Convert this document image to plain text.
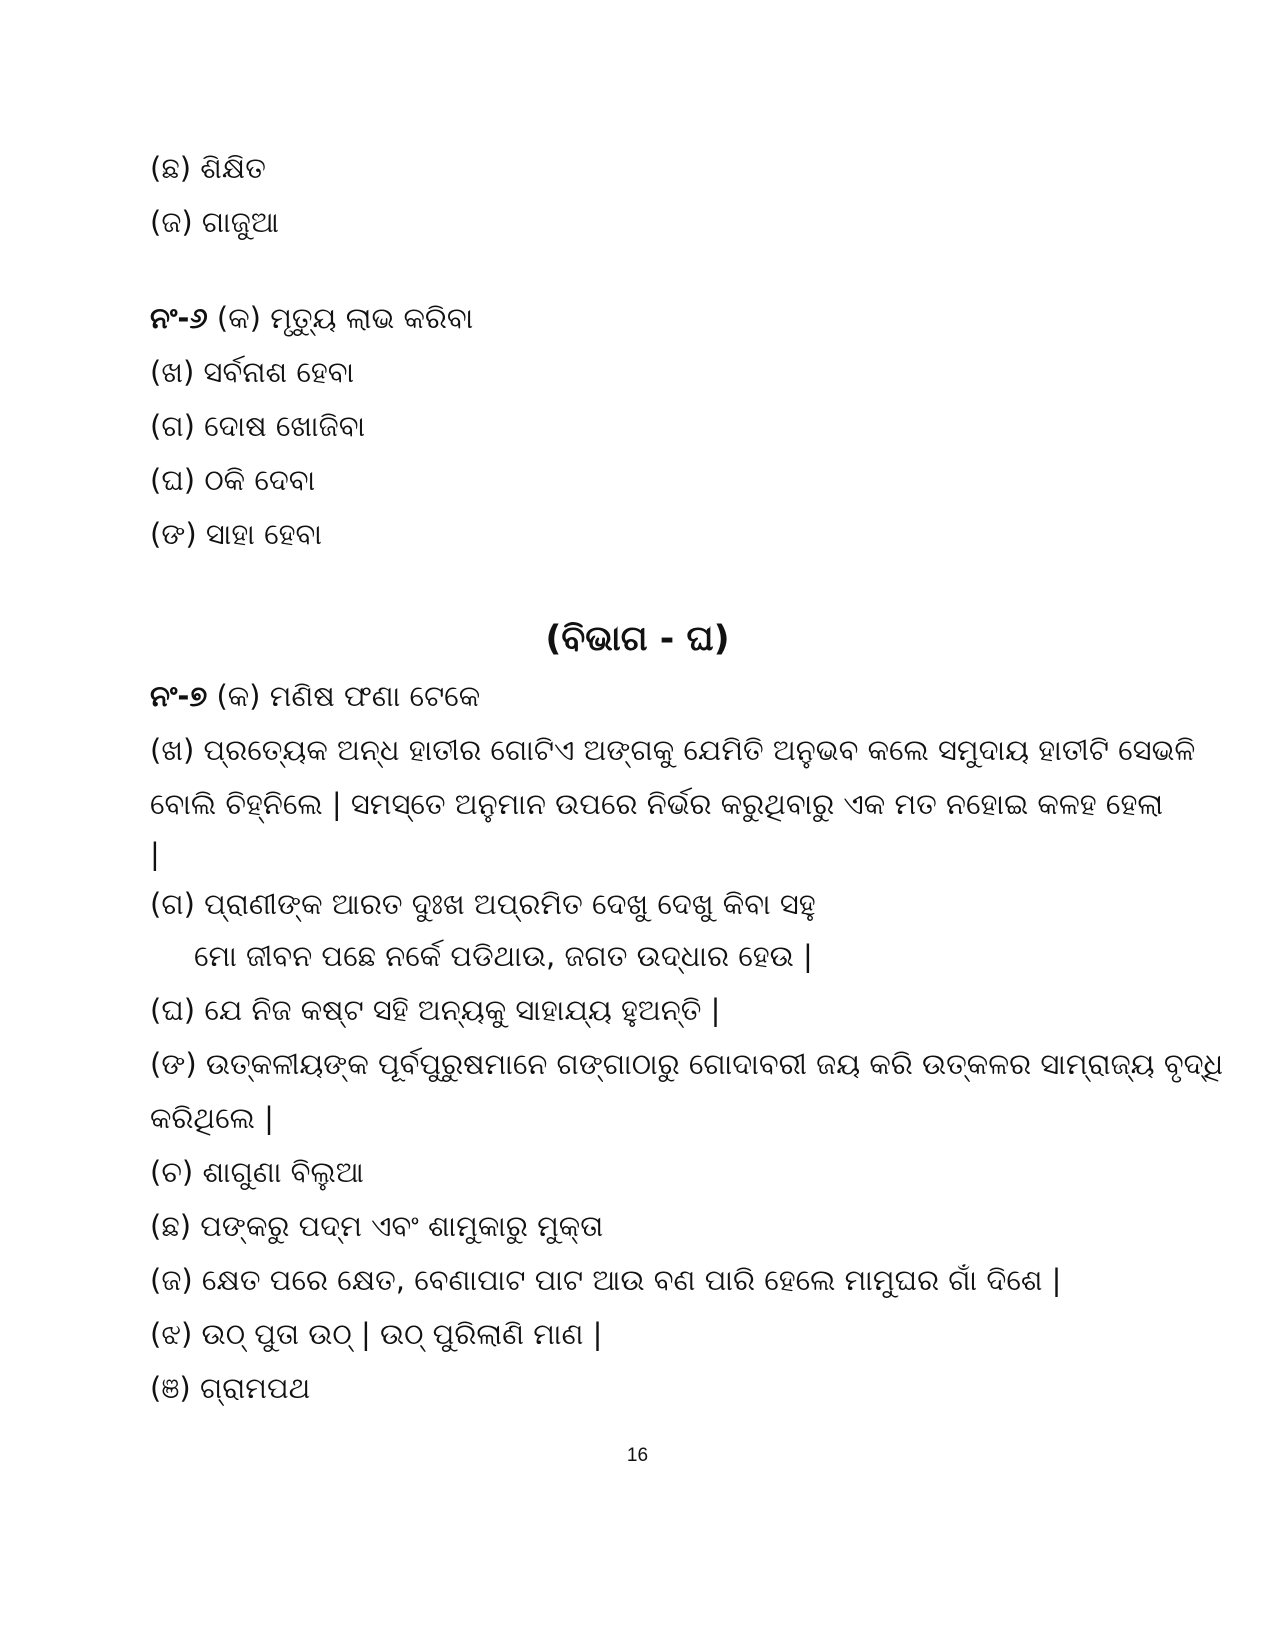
(ଛ) ଶିକ୍ଷିତ

(ଜ) ଗାଜୁଆ

ନଂ-୬ (କ) ମୃତ୍ୟୁ ଲାଭ କରିବା

(ଖ) ସର୍ବନାଶ ହେବା

(ଗ) ଦୋଷ ଖୋଜିବା

(ଘ) ଠକି ଦେବା

(ଙ) ସାହା ହେବା

(ବିଭାଗ - ଘ)

ନଂ-୭ (କ) ମଣିଷ ଫଣା ଟେକେ

(ଖ) ପ୍ରତ୍ୟେକ ଅନ୍ଧ ହାତୀର ଗୋଟିଏ ଅଙ୍ଗକୁ ଯେମିତି ଅନୁଭବ କଲେ ସମୁଦାୟ ହାତୀଟି ସେଭଳି

ବୋଲି ଚିହ୍ନିଲେ | ସମସ୍ତେ ଅନୁମାନ ଉପରେ ନିର୍ଭର କରୁଥିବାରୁ ଏକ ମତ ନହୋଇ କଳହ ହେଲା

|

(ଗ) ପ୍ରାଣୀଙ୍କ ଆରତ ଦୁଃଖ ଅପ୍ରମିତ ଦେଖୁ ଦେଖୁ କିବା ସହୁ

ମୋ ଜୀବନ ପଛେ ନର୍କେ ପଡିଥାଉ, ଜଗତ ଉଦ୍ଧାର ହେଉ |

(ଘ) ଯେ ନିଜ କଷ୍ଟ ସହି ଅନ୍ୟକୁ ସାହାଯ୍ୟ ହୁଅନ୍ତି |

(ଙ) ଉତ୍କଳୀୟଙ୍କ ପୂର୍ବପୁରୁଷମାନେ ଗଙ୍ଗାଠାରୁ ଗୋଦାବରୀ ଜୟ କରି ଉତ୍କଳର ସାମ୍ରାଜ୍ୟ ବୃଦ୍ଧି

କରିଥିଲେ |

(ଚ) ଶାଗୁଣା ବିଲୁଆ

(ଛ) ପଙ୍କରୁ ପଦ୍ମ ଏବଂ ଶାମୁକାରୁ ମୁକ୍ତା

(ଜ) କ୍ଷେତ ପରେ କ୍ଷେତ, ବେଣାପାଟ ପାଟ ଆଉ ବଣ ପାରି ହେଲେ ମାମୁଘର ଗାଁ ଦିଶେ |

(ଝ) ଉଠ୍ ପୁତା ଉଠ୍ | ଉଠ୍ ପୁରିଲାଣି ମାଣ |

(ଞ) ଗ୍ରାମପଥ

16
